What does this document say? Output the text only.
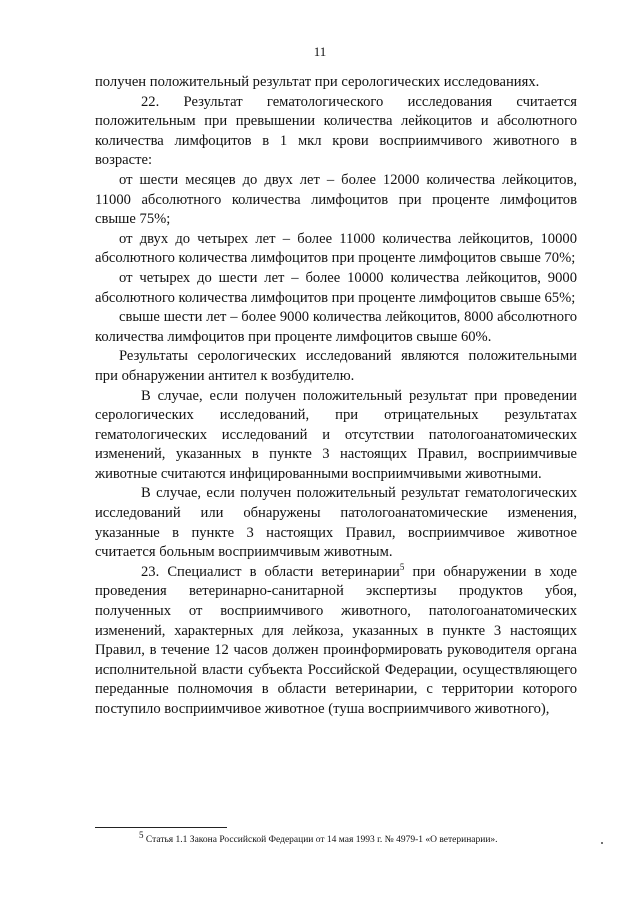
11

получен положительный результат при серологических исследованиях.

22. Результат гематологического исследования считается положительным при превышении количества лейкоцитов и абсолютного количества лимфоцитов в 1 мкл крови восприимчивого животного в возрасте:

от шести месяцев до двух лет – более 12000 количества лейкоцитов, 11000 абсолютного количества лимфоцитов при проценте лимфоцитов свыше 75%;

от двух до четырех лет – более 11000 количества лейкоцитов, 10000 абсолютного количества лимфоцитов при проценте лимфоцитов свыше 70%;

от четырех до шести лет – более 10000 количества лейкоцитов, 9000 абсолютного количества лимфоцитов при проценте лимфоцитов свыше 65%;

свыше шести лет – более 9000 количества лейкоцитов, 8000 абсолютного количества лимфоцитов при проценте лимфоцитов свыше 60%.

Результаты серологических исследований являются положительными при обнаружении антител к возбудителю.

В случае, если получен положительный результат при проведении серологических исследований, при отрицательных результатах гематологических исследований и отсутствии патологоанатомических изменений, указанных в пункте 3 настоящих Правил, восприимчивые животные считаются инфицированными восприимчивыми животными.

В случае, если получен положительный результат гематологических исследований или обнаружены патологоанатомические изменения, указанные в пункте 3 настоящих Правил, восприимчивое животное считается больным восприимчивым животным.

23. Специалист в области ветеринарии$^5$ при обнаружении в ходе проведения ветеринарно-санитарной экспертизы продуктов убоя, полученных от восприимчивого животного, патологоанатомических изменений, характерных для лейкоза, указанных в пункте 3 настоящих Правил, в течение 12 часов должен проинформировать руководителя органа исполнительной власти субъекта Российской Федерации, осуществляющего переданные полномочия в области ветеринарии, с территории которого поступило восприимчивое животное (туша восприимчивого животного),

$^5$ Статья 1.1 Закона Российской Федерации от 14 мая 1993 г. № 4979-1 «О ветеринарии».
